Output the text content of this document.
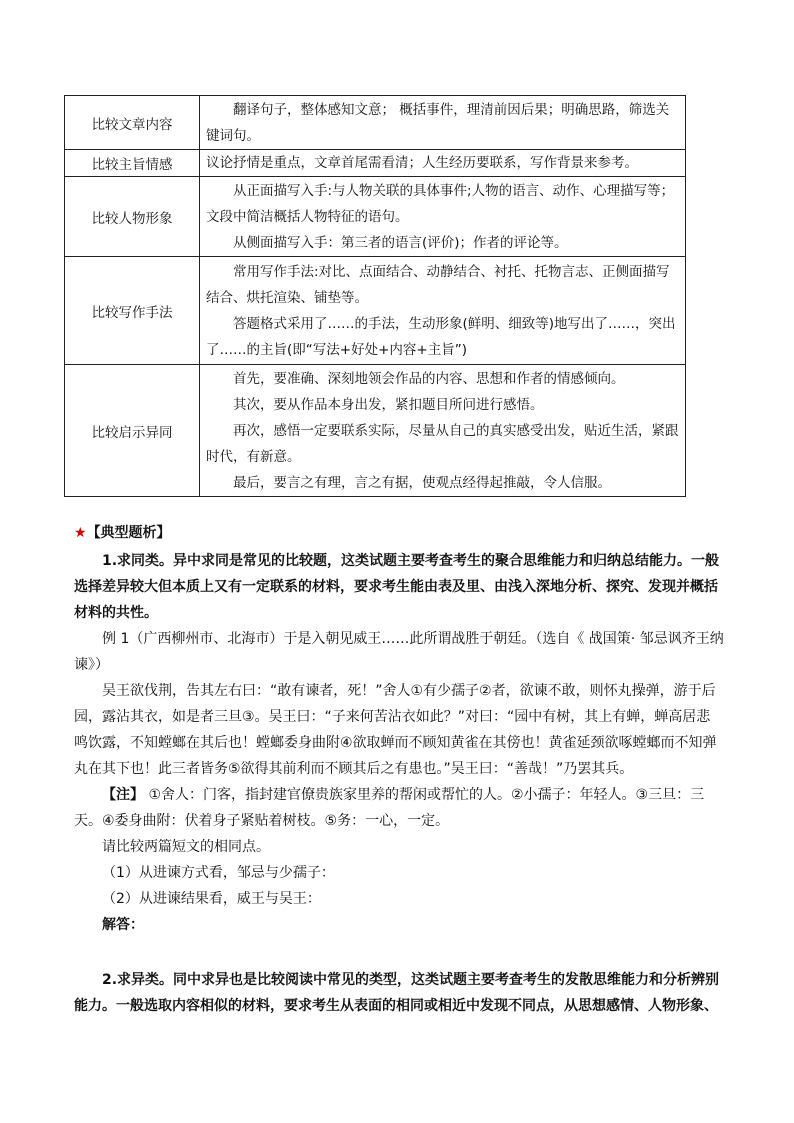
比较文章内容	翻译句子，整体感知文意； 概括事件，理清前因后果；明确思路，筛选关键词句。

比较主旨情感	议论抒情是重点，文章首尾需看清；人生经历要联系，写作背景来参考。

比较人物形象	从正面描写入手:与人物关联的具体事件;人物的语言、动作、心理描写等；文段中简洁概括人物特征的语句。

从侧面描写入手：第三者的语言(评价)；作者的评论等。

比较写作手法	常用写作手法:对比、点面结合、动静结合、衬托、托物言志、正侧面描写结合、烘托渲染、铺垫等。

答题格式采用了……的手法，生动形象(鲜明、细致等)地写出了……，突出了……的主旨(即“写法+好处+内容+主旨”)

比较启示异同	首先，要准确、深刻地领会作品的内容、思想和作者的情感倾向。

其次，要从作品本身出发，紧扣题目所问进行感悟。

再次，感悟一定要联系实际，尽量从自己的真实感受出发，贴近生活，紧跟时代，有新意。

最后，要言之有理，言之有据，使观点经得起推敲，令人信服。

★【典型题析】

1.求同类。异中求同是常见的比较题，这类试题主要考查考生的聚合思维能力和归纳总结能力。一般选择差异较大但本质上又有一定联系的材料，要求考生能由表及里、由浅入深地分析、探究、发现并概括材料的共性。

例 1（广西柳州市、北海市）于是入朝见威王……此所谓战胜于朝廷。（选自《 战国策· 邹忌讽齐王纳谏》）

吴王欲伐荆，告其左右曰：“敢有谏者，死！”舍人①有少孺子②者，欲谏不敢，则怀丸操弹，游于后园，露沾其衣，如是者三旦③。吴王曰：“子来何苦沾衣如此？”对曰：“园中有树，其上有蝉，蝉高居悲鸣饮露，不知螳螂在其后也！螳螂委身曲附④欲取蝉而不顾知黄雀在其傍也！黄雀延颈欲啄螳螂而不知弹丸在其下也！此三者皆务⑤欲得其前利而不顾其后之有患也。”吴王曰：“善哉！”乃罢其兵。

【注】 ①舍人：门客，指封建官僚贵族家里养的帮闲或帮忙的人。②小孺子：年轻人。③三旦：三天。④委身曲附：伏着身子紧贴着树枝。⑤务：一心，一定。

请比较两篇短文的相同点。

（1）从进谏方式看，邹忌与少孺子：

（2）从进谏结果看，威王与吴王：

解答：

2.求异类。同中求异也是比较阅读中常见的类型，这类试题主要考查考生的发散思维能力和分析辨别能力。一般选取内容相似的材料，要求考生从表面的相同或相近中发现不同点，从思想感情、人物形象、
